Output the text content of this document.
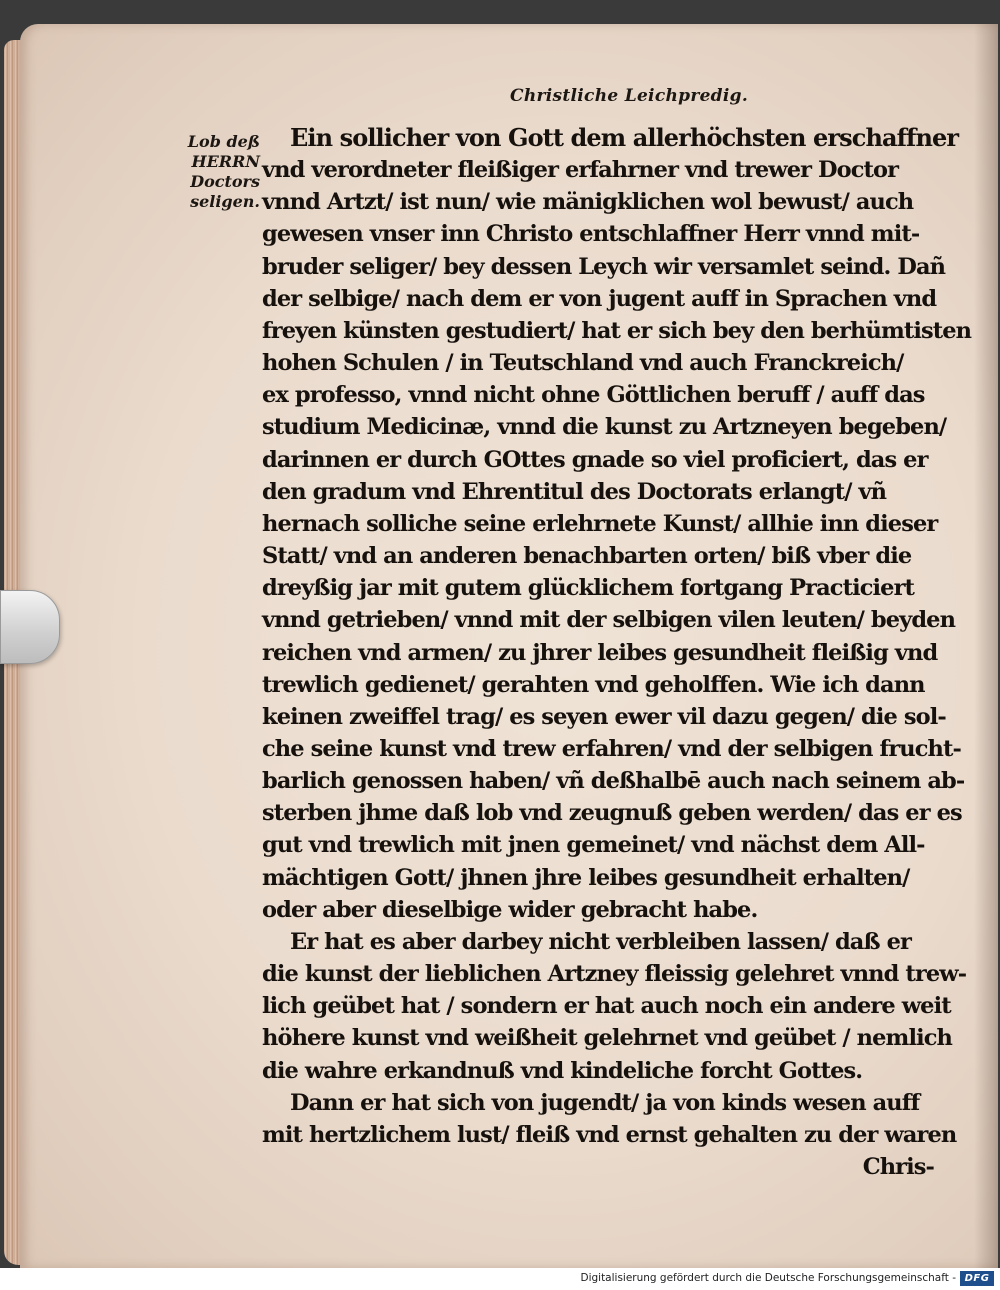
Christliche Leichpredig.
Lob deß
HERRN
Doctors
seligen.
Ein sollicher von Gott dem allerhöchsten erschaffner
vnd verordneter fleißiger erfahrner vnd trewer Doctor
vnnd Artzt/ ist nun/ wie mänigklichen wol bewust/ auch
gewesen vnser inn Christo entschlaffner Herr vnnd mit-
bruder seliger/ bey dessen Leych wir versamlet seind. Dañ
der selbige/ nach dem er von jugent auff in Sprachen vnd
freyen künsten gestudiert/ hat er sich bey den berhümtisten
hohen Schulen / in Teutschland vnd auch Franckreich/
ex professo, vnnd nicht ohne Göttlichen beruff / auff das
studium Medicinæ, vnnd die kunst zu Artzneyen begeben/
darinnen er durch GOttes gnade so viel proficiert, das er
den gradum vnd Ehrentitul des Doctorats erlangt/ vñ
hernach solliche seine erlehrnete Kunst/ allhie inn dieser
Statt/ vnd an anderen benachbarten orten/ biß vber die
dreyßig jar mit gutem glücklichem fortgang Practiciert
vnnd getrieben/ vnnd mit der selbigen vilen leuten/ beyden
reichen vnd armen/ zu jhrer leibes gesundheit fleißig vnd
trewlich gedienet/ gerahten vnd geholffen. Wie ich dann
keinen zweiffel trag/ es seyen ewer vil dazu gegen/ die sol-
che seine kunst vnd trew erfahren/ vnd der selbigen frucht-
barlich genossen haben/ vñ deßhalbē auch nach seinem ab-
sterben jhme daß lob vnd zeugnuß geben werden/ das er es
gut vnd trewlich mit jnen gemeinet/ vnd nächst dem All-
mächtigen Gott/ jhnen jhre leibes gesundheit erhalten/
oder aber dieselbige wider gebracht habe.
Er hat es aber darbey nicht verbleiben lassen/ daß er
die kunst der lieblichen Artzney fleissig gelehret vnnd trew-
lich geübet hat / sondern er hat auch noch ein andere weit
höhere kunst vnd weißheit gelehrnet vnd geübet / nemlich
die wahre erkandnuß vnd kindeliche forcht Gottes.
Dann er hat sich von jugendt/ ja von kinds wesen auff
mit hertzlichem lust/ fleiß vnd ernst gehalten zu der waren
Chris-
Digitalisierung gefördert durch die Deutsche Forschungsgemeinschaft - DFG
